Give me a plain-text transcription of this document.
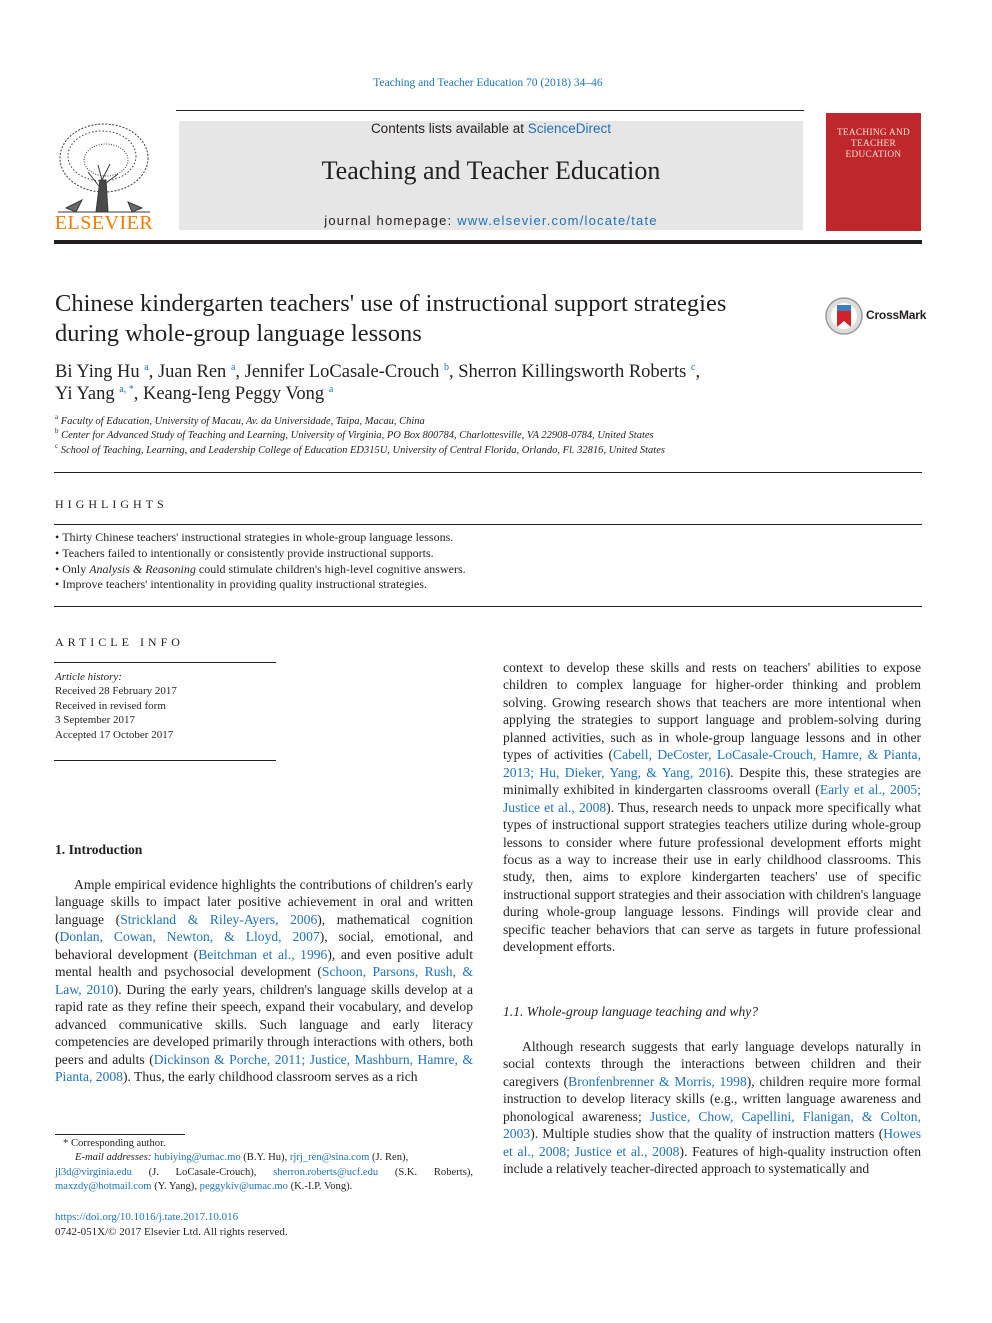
Teaching and Teacher Education 70 (2018) 34–46
ELSEVIER
Contents lists available at ScienceDirect
Teaching and Teacher Education
journal homepage: www.elsevier.com/locate/tate
TEACHING AND TEACHER EDUCATION
Chinese kindergarten teachers' use of instructional support strategies
during whole-group language lessons
CrossMark
Bi Ying Hu $^a$, Juan Ren $^a$, Jennifer LoCasale-Crouch $^b$, Sherron Killingsworth Roberts $^c$,
Yi Yang $^{a, *}$, Keang-Ieng Peggy Vong $^a$
$^a$ Faculty of Education, University of Macau, Av. da Universidade, Taipa, Macau, China
$^b$ Center for Advanced Study of Teaching and Learning, University of Virginia, PO Box 800784, Charlottesville, VA 22908-0784, United States
$^c$ School of Teaching, Learning, and Leadership College of Education ED315U, University of Central Florida, Orlando, Fl. 32816, United States
HIGHLIGHTS
• Thirty Chinese teachers' instructional strategies in whole-group language lessons.
• Teachers failed to intentionally or consistently provide instructional supports.
• Only Analysis & Reasoning could stimulate children's high-level cognitive answers.
• Improve teachers' intentionality in providing quality instructional strategies.
ARTICLE INFO
Article history:
Received 28 February 2017
Received in revised form
3 September 2017
Accepted 17 October 2017
1. Introduction
Ample empirical evidence highlights the contributions of children's early language skills to impact later positive achievement in oral and written language (Strickland & Riley-Ayers, 2006), mathematical cognition (Donlan, Cowan, Newton, & Lloyd, 2007), social, emotional, and behavioral development (Beitchman et al., 1996), and even positive adult mental health and psychosocial development (Schoon, Parsons, Rush, & Law, 2010). During the early years, children's language skills develop at a rapid rate as they refine their speech, expand their vocabulary, and develop advanced communicative skills. Such language and early literacy competencies are developed primarily through interactions with others, both peers and adults (Dickinson & Porche, 2011; Justice, Mashburn, Hamre, & Pianta, 2008). Thus, the early childhood classroom serves as a rich
context to develop these skills and rests on teachers' abilities to expose children to complex language for higher-order thinking and problem solving. Growing research shows that teachers are more intentional when applying the strategies to support language and problem-solving during planned activities, such as in whole-group language lessons and in other types of activities (Cabell, DeCoster, LoCasale-Crouch, Hamre, & Pianta, 2013; Hu, Dieker, Yang, & Yang, 2016). Despite this, these strategies are minimally exhibited in kindergarten classrooms overall (Early et al., 2005; Justice et al., 2008). Thus, research needs to unpack more specifically what types of instructional support strategies teachers utilize during whole-group lessons to consider where future professional development efforts might focus as a way to increase their use in early childhood classrooms. This study, then, aims to explore kindergarten teachers' use of specific instructional support strategies and their association with children's language during whole-group language lessons. Findings will provide clear and specific teacher behaviors that can serve as targets in future professional development efforts.
1.1. Whole-group language teaching and why?
Although research suggests that early language develops naturally in social contexts through the interactions between children and their caregivers (Bronfenbrenner & Morris, 1998), children require more formal instruction to develop literacy skills (e.g., written language awareness and phonological awareness; Justice, Chow, Capellini, Flanigan, & Colton, 2003). Multiple studies show that the quality of instruction matters (Howes et al., 2008; Justice et al., 2008). Features of high-quality instruction often include a relatively teacher-directed approach to systematically and
* Corresponding author.
E-mail addresses: hubiying@umac.mo (B.Y. Hu), rjrj_ren@sina.com (J. Ren),
jl3d@virginia.edu (J. LoCasale-Crouch), sherron.roberts@ucf.edu (S.K. Roberts), maxzdy@hotmail.com (Y. Yang), peggykiv@umac.mo (K.-I.P. Vong).
https://doi.org/10.1016/j.tate.2017.10.016
0742-051X/© 2017 Elsevier Ltd. All rights reserved.
